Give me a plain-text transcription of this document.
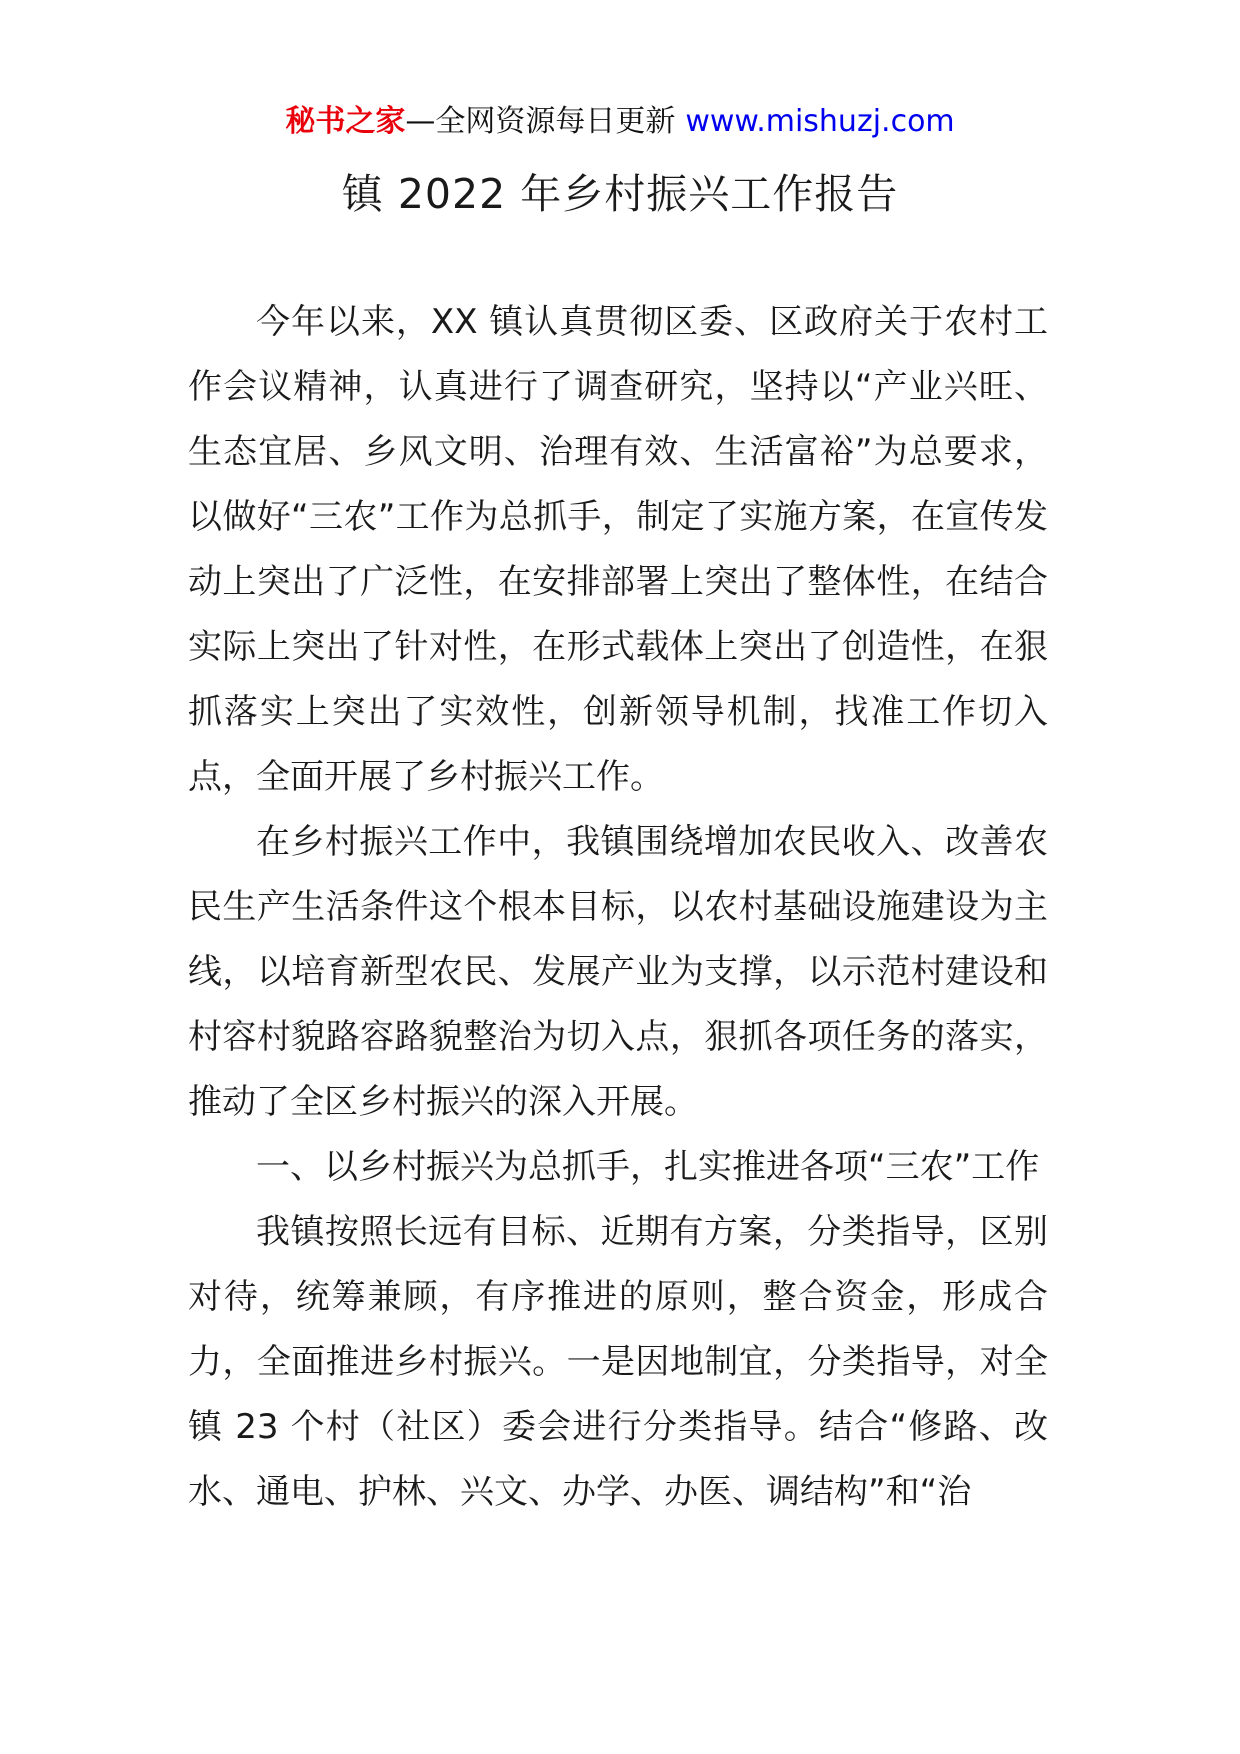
秘书之家—全网资源每日更新 www.mishuzj.com
镇 2022 年乡村振兴工作报告

今年以来，XX 镇认真贯彻区委、区政府关于农村工作会议精神，认真进行了调查研究，坚持以“产业兴旺、生态宜居、乡风文明、治理有效、生活富裕”为总要求，以做好“三农”工作为总抓手，制定了实施方案，在宣传发动上突出了广泛性，在安排部署上突出了整体性，在结合实际上突出了针对性，在形式载体上突出了创造性，在狠抓落实上突出了实效性，创新领导机制，找准工作切入点，全面开展了乡村振兴工作。

在乡村振兴工作中，我镇围绕增加农民收入、改善农民生产生活条件这个根本目标，以农村基础设施建设为主线，以培育新型农民、发展产业为支撑，以示范村建设和村容村貌路容路貌整治为切入点，狠抓各项任务的落实，推动了全区乡村振兴的深入开展。

一、以乡村振兴为总抓手，扎实推进各项“三农”工作

我镇按照长远有目标、近期有方案，分类指导，区别对待，统筹兼顾，有序推进的原则，整合资金，形成合力，全面推进乡村振兴。一是因地制宜，分类指导，对全镇 23 个村（社区）委会进行分类指导。结合“修路、改水、通电、护林、兴文、办学、办医、调结构”和“治
